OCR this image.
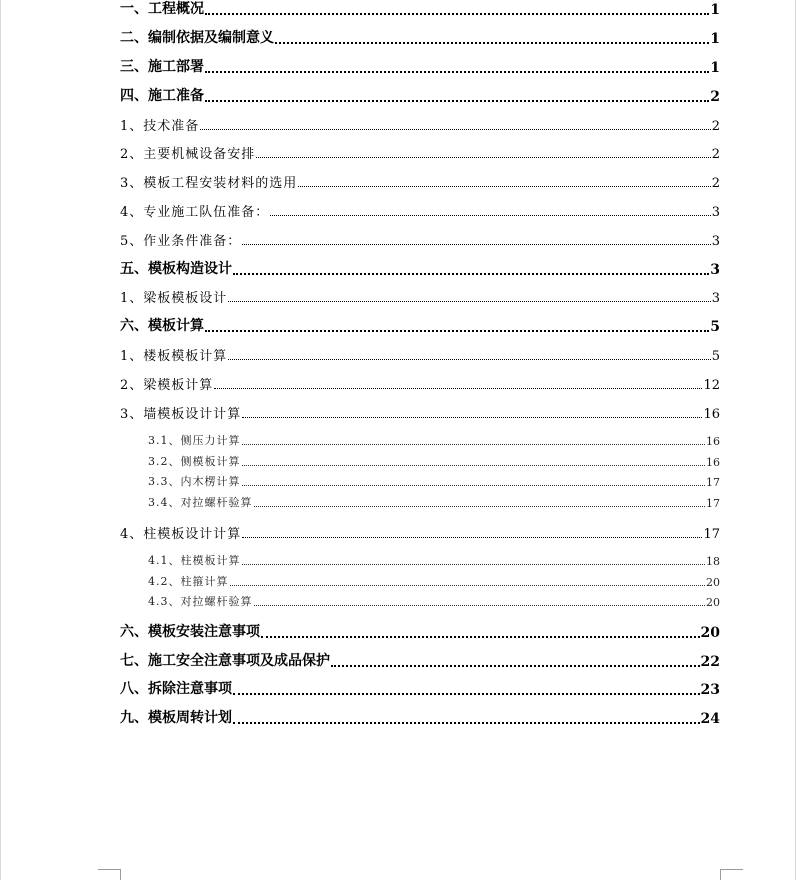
一、工程概况	1
二、编制依据及编制意义	1
三、施工部署	1
四、施工准备	2
1、技术准备	2
2、主要机械设备安排	2
3、模板工程安装材料的选用	2
4、专业施工队伍准备：	3
5、作业条件准备：	3
五、模板构造设计	3
1、梁板模板设计	3
六、模板计算	5
1、楼板模板计算	5
2、梁模板计算	12
3、墙模板设计计算	16
3.1、侧压力计算	16
3.2、侧模板计算	16
3.3、内木楞计算	17
3.4、对拉螺杆验算	17
4、柱模板设计计算	17
4.1、柱模板计算	18
4.2、柱箍计算	20
4.3、对拉螺杆验算	20
六、模板安装注意事项	20
七、施工安全注意事项及成品保护	22
八、拆除注意事项	23
九、模板周转计划	24
